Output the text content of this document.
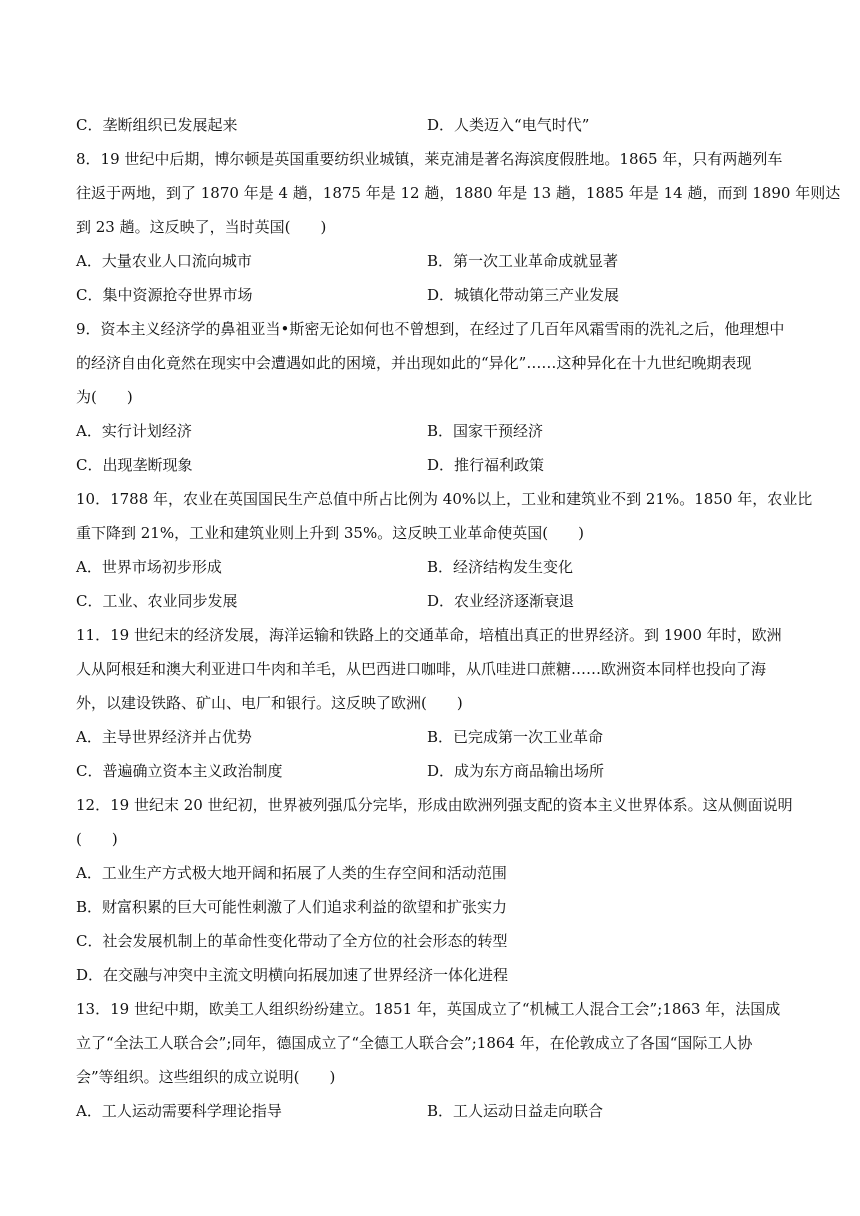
C．垄断组织已发展起来	D．人类迈入“电气时代”
8．19 世纪中后期，博尔顿是英国重要纺织业城镇，莱克浦是著名海滨度假胜地。1865 年，只有两趟列车
往返于两地，到了 1870 年是 4 趟，1875 年是 12 趟，1880 年是 13 趟，1885 年是 14 趟，而到 1890 年则达
到 23 趟。这反映了，当时英国(　　)
A．大量农业人口流向城市	B．第一次工业革命成就显著
C．集中资源抢夺世界市场	D．城镇化带动第三产业发展
9．资本主义经济学的鼻祖亚当•斯密无论如何也不曾想到，在经过了几百年风霜雪雨的洗礼之后，他理想中
的经济自由化竟然在现实中会遭遇如此的困境，并出现如此的“异化”……这种异化在十九世纪晚期表现
为(　　)
A．实行计划经济	B．国家干预经济
C．出现垄断现象	D．推行福利政策
10．1788 年，农业在英国国民生产总值中所占比例为 40%以上，工业和建筑业不到 21%。1850 年，农业比
重下降到 21%，工业和建筑业则上升到 35%。这反映工业革命使英国(　　)
A．世界市场初步形成	B．经济结构发生变化
C．工业、农业同步发展	D．农业经济逐渐衰退
11．19 世纪末的经济发展，海洋运输和铁路上的交通革命，培植出真正的世界经济。到 1900 年时，欧洲
人从阿根廷和澳大利亚进口牛肉和羊毛，从巴西进口咖啡，从爪哇进口蔗糖……欧洲资本同样也投向了海
外，以建设铁路、矿山、电厂和银行。这反映了欧洲(　　)
A．主导世界经济并占优势	B．已完成第一次工业革命
C．普遍确立资本主义政治制度	D．成为东方商品输出场所
12．19 世纪末 20 世纪初，世界被列强瓜分完毕，形成由欧洲列强支配的资本主义世界体系。这从侧面说明
(　　)
A．工业生产方式极大地开阔和拓展了人类的生存空间和活动范围
B．财富积累的巨大可能性刺激了人们追求利益的欲望和扩张实力
C．社会发展机制上的革命性变化带动了全方位的社会形态的转型
D．在交融与冲突中主流文明横向拓展加速了世界经济一体化进程
13．19 世纪中期，欧美工人组织纷纷建立。1851 年，英国成立了“机械工人混合工会”;1863 年，法国成
立了“全法工人联合会”;同年，德国成立了“全德工人联合会”;1864 年，在伦敦成立了各国“国际工人协
会”等组织。这些组织的成立说明(　　)
A．工人运动需要科学理论指导	B．工人运动日益走向联合
